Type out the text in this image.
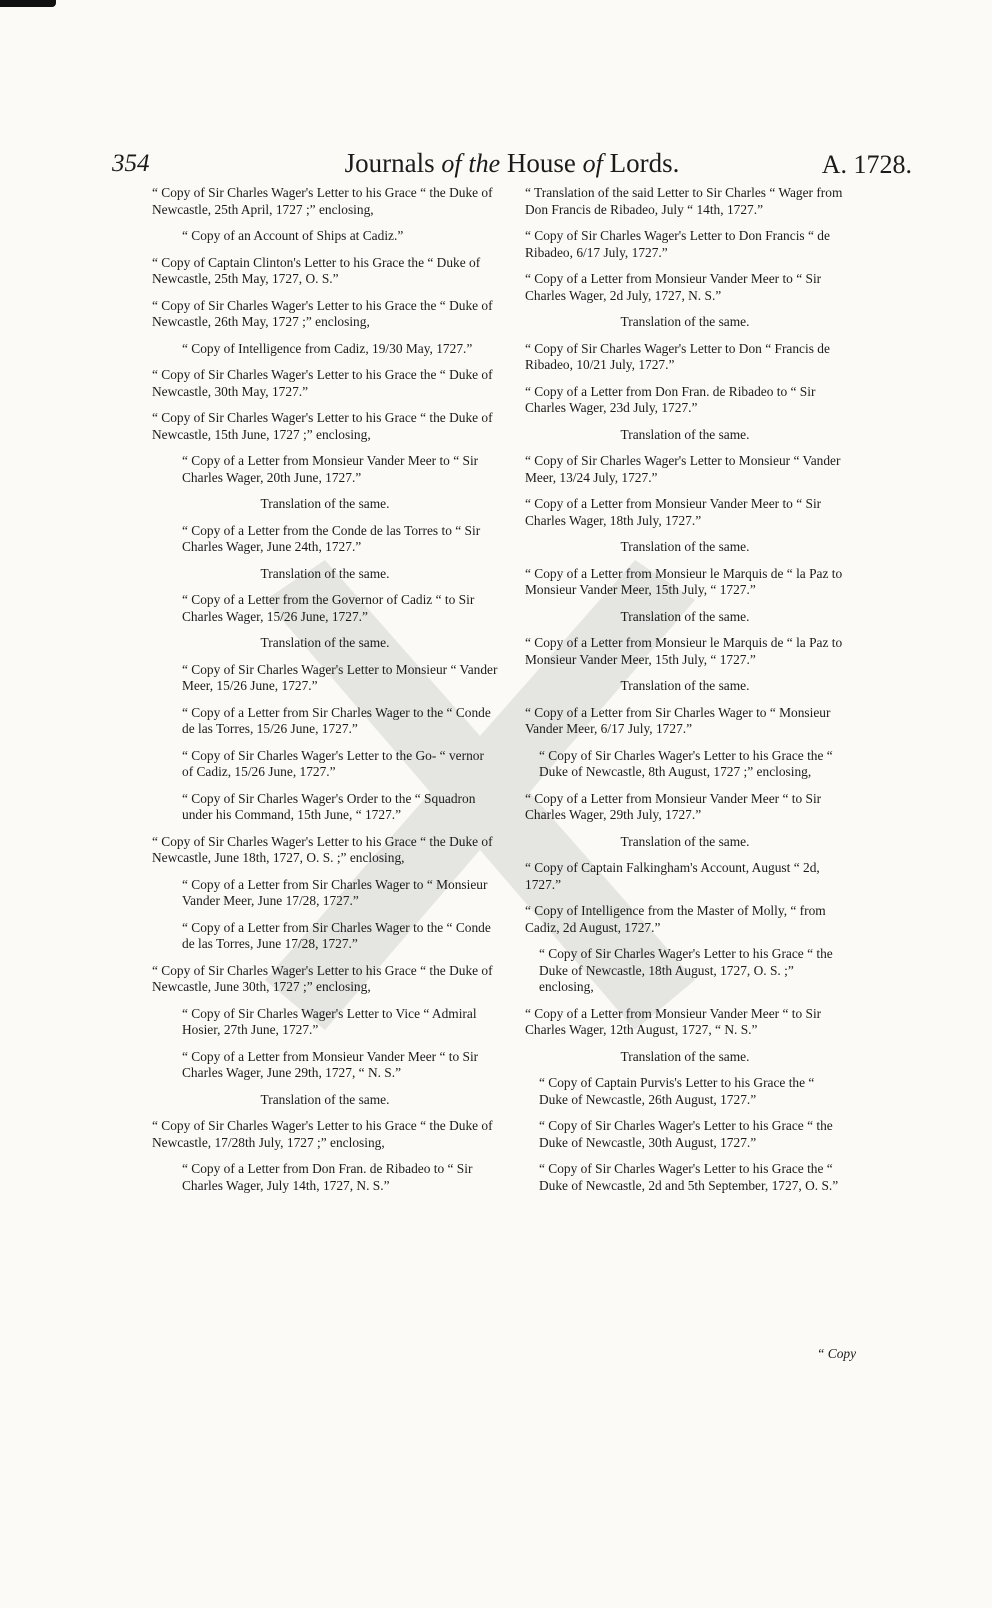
354	Journals of the House of Lords.	A. 1728.

“ Copy of Sir Charles Wager's Letter to his Grace “ the Duke of Newcastle, 25th April, 1727 ;” enclosing,

“ Copy of an Account of Ships at Cadiz.”

“ Copy of Captain Clinton's Letter to his Grace the “ Duke of Newcastle, 25th May, 1727, O. S.”

“ Copy of Sir Charles Wager's Letter to his Grace the “ Duke of Newcastle, 26th May, 1727 ;” enclosing,

“ Copy of Intelligence from Cadiz, 19/30 May, 1727.”

“ Copy of Sir Charles Wager's Letter to his Grace the “ Duke of Newcastle, 30th May, 1727.”

“ Copy of Sir Charles Wager's Letter to his Grace “ the Duke of Newcastle, 15th June, 1727 ;” enclosing,

“ Copy of a Letter from Monsieur Vander Meer to “ Sir Charles Wager, 20th June, 1727.”

Translation of the same.

“ Copy of a Letter from the Conde de las Torres to “ Sir Charles Wager, June 24th, 1727.”

Translation of the same.

“ Copy of a Letter from the Governor of Cadiz “ to Sir Charles Wager, 15/26 June, 1727.”

Translation of the same.

“ Copy of Sir Charles Wager's Letter to Monsieur “ Vander Meer, 15/26 June, 1727.”

“ Copy of a Letter from Sir Charles Wager to the “ Conde de las Torres, 15/26 June, 1727.”

“ Copy of Sir Charles Wager's Letter to the Go- “ vernor of Cadiz, 15/26 June, 1727.”

“ Copy of Sir Charles Wager's Order to the “ Squadron under his Command, 15th June, “ 1727.”

“ Copy of Sir Charles Wager's Letter to his Grace “ the Duke of Newcastle, June 18th, 1727, O. S. ;” enclosing,

“ Copy of a Letter from Sir Charles Wager to “ Monsieur Vander Meer, June 17/28, 1727.”

“ Copy of a Letter from Sir Charles Wager to the “ Conde de las Torres, June 17/28, 1727.”

“ Copy of Sir Charles Wager's Letter to his Grace “ the Duke of Newcastle, June 30th, 1727 ;” enclosing,

“ Copy of Sir Charles Wager's Letter to Vice “ Admiral Hosier, 27th June, 1727.”

“ Copy of a Letter from Monsieur Vander Meer “ to Sir Charles Wager, June 29th, 1727, “ N. S.”

Translation of the same.

“ Copy of Sir Charles Wager's Letter to his Grace “ the Duke of Newcastle, 17/28th July, 1727 ;” enclosing,

“ Copy of a Letter from Don Fran. de Ribadeo to “ Sir Charles Wager, July 14th, 1727, N. S.”

“ Translation of the said Letter to Sir Charles “ Wager from Don Francis de Ribadeo, July “ 14th, 1727.”

“ Copy of Sir Charles Wager's Letter to Don Francis “ de Ribadeo, 6/17 July, 1727.”

“ Copy of a Letter from Monsieur Vander Meer to “ Sir Charles Wager, 2d July, 1727, N. S.”

Translation of the same.

“ Copy of Sir Charles Wager's Letter to Don “ Francis de Ribadeo, 10/21 July, 1727.”

“ Copy of a Letter from Don Fran. de Ribadeo to “ Sir Charles Wager, 23d July, 1727.”

Translation of the same.

“ Copy of Sir Charles Wager's Letter to Monsieur “ Vander Meer, 13/24 July, 1727.”

“ Copy of a Letter from Monsieur Vander Meer to “ Sir Charles Wager, 18th July, 1727.”

Translation of the same.

“ Copy of a Letter from Monsieur le Marquis de “ la Paz to Monsieur Vander Meer, 15th July, “ 1727.”

Translation of the same.

“ Copy of a Letter from Monsieur le Marquis de “ la Paz to Monsieur Vander Meer, 15th July, “ 1727.”

Translation of the same.

“ Copy of a Letter from Sir Charles Wager to “ Monsieur Vander Meer, 6/17 July, 1727.”

“ Copy of Sir Charles Wager's Letter to his Grace the “ Duke of Newcastle, 8th August, 1727 ;” enclosing,

“ Copy of a Letter from Monsieur Vander Meer “ to Sir Charles Wager, 29th July, 1727.”

Translation of the same.

“ Copy of Captain Falkingham's Account, August “ 2d, 1727.”

“ Copy of Intelligence from the Master of Molly, “ from Cadiz, 2d August, 1727.”

“ Copy of Sir Charles Wager's Letter to his Grace “ the Duke of Newcastle, 18th August, 1727, O. S. ;” enclosing,

“ Copy of a Letter from Monsieur Vander Meer “ to Sir Charles Wager, 12th August, 1727, “ N. S.”

Translation of the same.

“ Copy of Captain Purvis's Letter to his Grace the “ Duke of Newcastle, 26th August, 1727.”

“ Copy of Sir Charles Wager's Letter to his Grace “ the Duke of Newcastle, 30th August, 1727.”

“ Copy of Sir Charles Wager's Letter to his Grace the “ Duke of Newcastle, 2d and 5th September, 1727, O. S.”

“ Copy
